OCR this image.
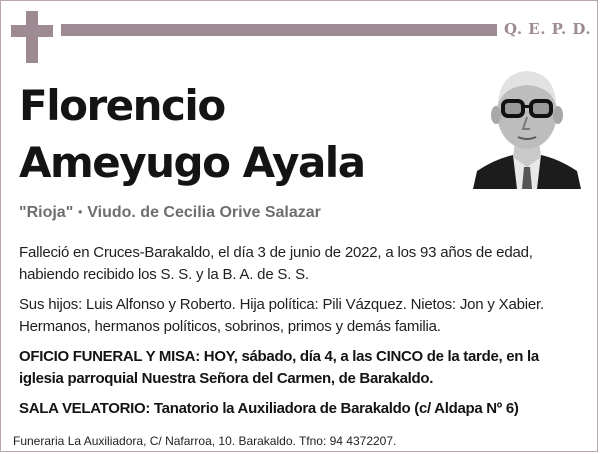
Q. E. P. D.
Florencio
Ameyugo Ayala
"Rioja" ⬩ Viudo. de Cecilia Orive Salazar

Falleció en Cruces-Barakaldo, el día 3 de junio de 2022, a los 93 años de edad, habiendo recibido los S. S. y la B. A. de S. S.

Sus hijos: Luis Alfonso y Roberto. Hija política: Pili Vázquez. Nietos: Jon y Xabier. Hermanos, hermanos políticos, sobrinos, primos y demás familia.

OFICIO FUNERAL Y MISA: HOY, sábado, día 4, a las CINCO de la tarde, en la iglesia parroquial Nuestra Señora del Carmen, de Barakaldo.

SALA VELATORIO: Tanatorio la Auxiliadora de Barakaldo (c/ Aldapa Nº 6)

Funeraria La Auxiliadora, C/ Nafarroa, 10. Barakaldo. Tfno: 94 4372207.
